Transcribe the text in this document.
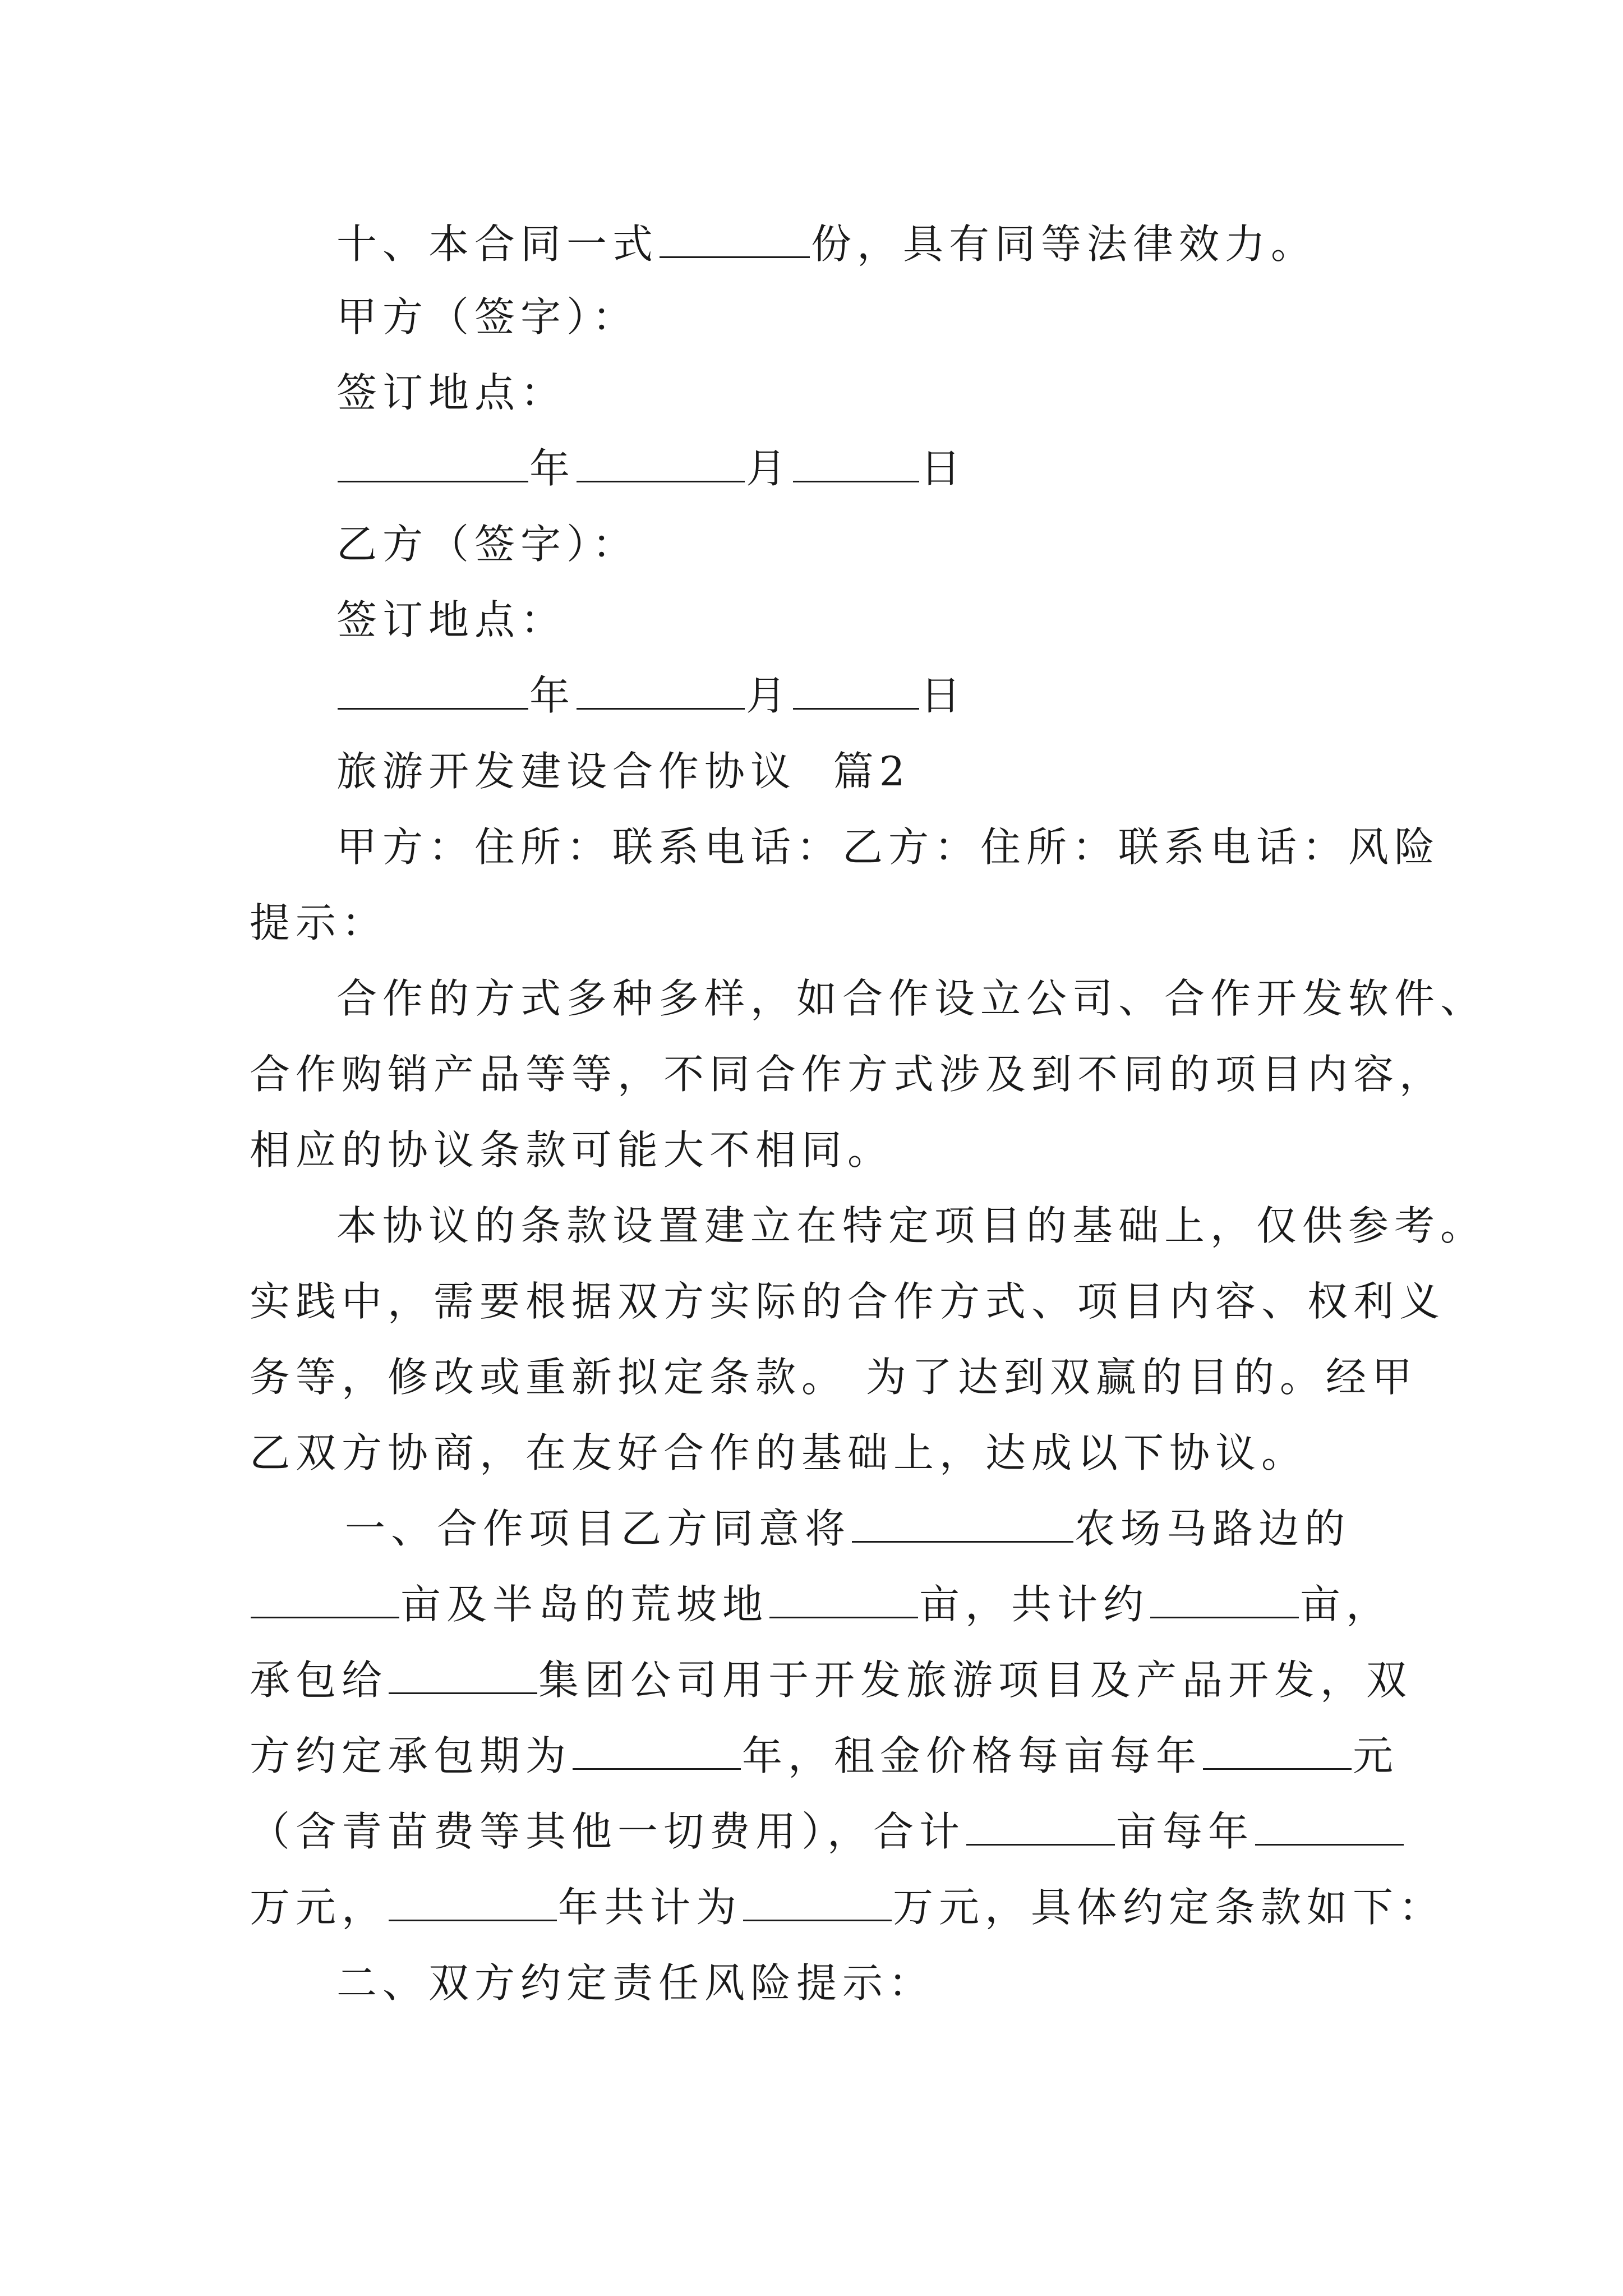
十、本合同一式	份，具有同等法律效力。
甲方（签字）：
签订地点：
年	月	日
乙方（签字）：
签订地点：
年	月	日
旅游开发建设合作协议  篇2
甲方：住所：联系电话：乙方：住所：联系电话：风险
提示：
合作的方式多种多样，如合作设立公司、合作开发软件、
合作购销产品等等，不同合作方式涉及到不同的项目内容，
相应的协议条款可能大不相同。
本协议的条款设置建立在特定项目的基础上，仅供参考。
实践中，需要根据双方实际的合作方式、项目内容、权利义
务等，修改或重新拟定条款。 为了达到双赢的目的。经甲
乙双方协商，在友好合作的基础上，达成以下协议。
一、合作项目乙方同意将	农场马路边的
亩及半岛的荒坡地	亩，共计约	亩，
承包给	集团公司用于开发旅游项目及产品开发，双
方约定承包期为	年，租金价格每亩每年	元
（含青苗费等其他一切费用），合计	亩每年
万元，	年共计为	万元，具体约定条款如下：
二、双方约定责任风险提示：
